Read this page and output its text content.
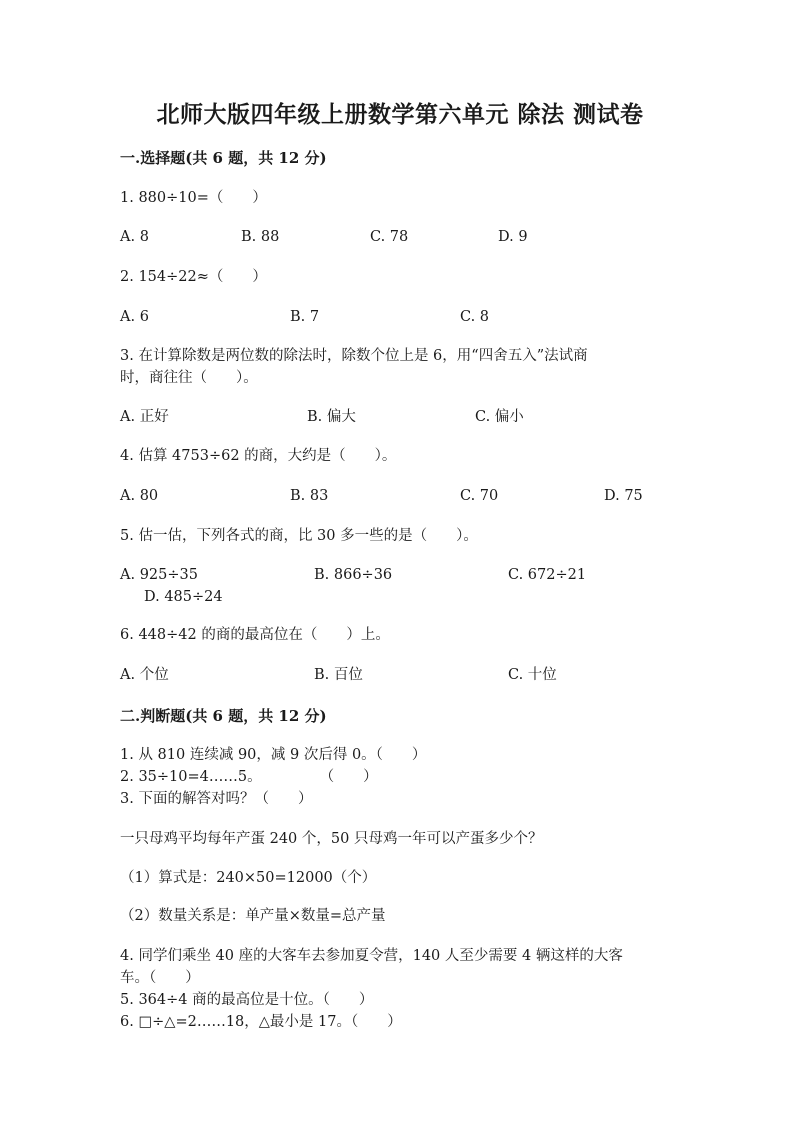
北师大版四年级上册数学第六单元 除法 测试卷
一.选择题(共 6 题，共 12 分)
1. 880÷10=（　　）
A. 8	B. 88	C. 78	D. 9
2. 154÷22≈（　　）
A. 6	B. 7	C. 8
3. 在计算除数是两位数的除法时，除数个位上是 6，用“四舍五入”法试商
时，商往往（　　）。
A. 正好	B. 偏大	C. 偏小
4. 估算 4753÷62 的商，大约是（　　）。
A. 80	B. 83	C. 70	D. 75
5. 估一估，下列各式的商，比 30 多一些的是（　　）。
A. 925÷35	B. 866÷36	C. 672÷21
D. 485÷24
6. 448÷42 的商的最高位在（　　）上。
A. 个位	B. 百位	C. 十位
二.判断题(共 6 题，共 12 分)
1. 从 810 连续减 90，减 9 次后得 0。（　　）
2. 35÷10=4……5。　　　　　（　　）
3. 下面的解答对吗？（　　）
一只母鸡平均每年产蛋 240 个，50 只母鸡一年可以产蛋多少个？
（1）算式是：240×50=12000（个）
（2）数量关系是：单产量×数量=总产量
4. 同学们乘坐 40 座的大客车去参加夏令营，140 人至少需要 4 辆这样的大客
车。（　　）
5. 364÷4 商的最高位是十位。（　　）
6. □÷△=2……18，△最小是 17。（　　）
